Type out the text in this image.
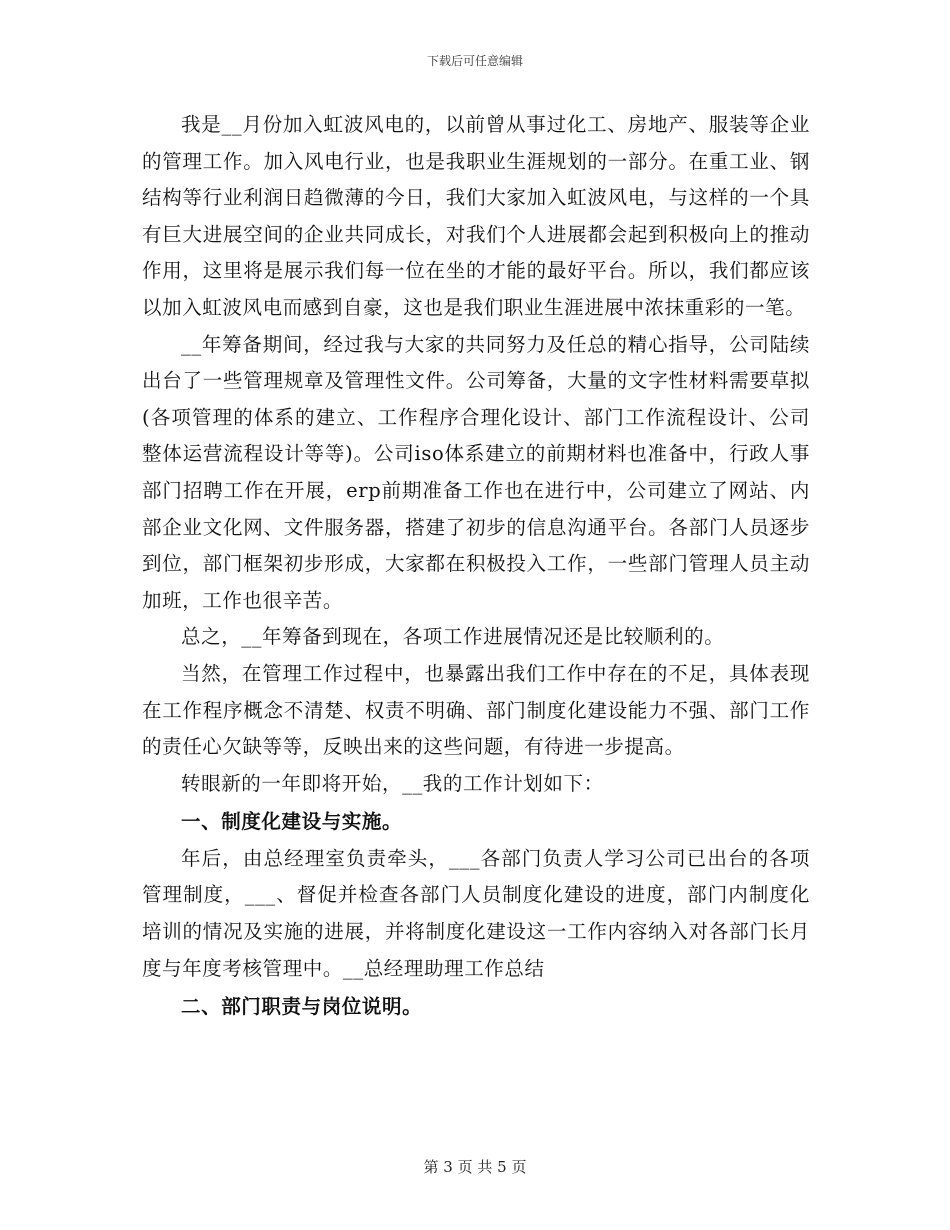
下载后可任意编辑

我是__月份加入虹波风电的，以前曾从事过化工、房地产、服装等企业的管理工作。加入风电行业，也是我职业生涯规划的一部分。在重工业、钢结构等行业利润日趋微薄的今日，我们大家加入虹波风电，与这样的一个具有巨大进展空间的企业共同成长，对我们个人进展都会起到积极向上的推动作用，这里将是展示我们每一位在坐的才能的最好平台。所以，我们都应该以加入虹波风电而感到自豪，这也是我们职业生涯进展中浓抹重彩的一笔。

__年筹备期间，经过我与大家的共同努力及任总的精心指导，公司陆续出台了一些管理规章及管理性文件。公司筹备，大量的文字性材料需要草拟(各项管理的体系的建立、工作程序合理化设计、部门工作流程设计、公司整体运营流程设计等等)。公司iso体系建立的前期材料也准备中，行政人事部门招聘工作在开展，erp前期准备工作也在进行中，公司建立了网站、内部企业文化网、文件服务器，搭建了初步的信息沟通平台。各部门人员逐步到位，部门框架初步形成，大家都在积极投入工作，一些部门管理人员主动加班，工作也很辛苦。

总之，__年筹备到现在，各项工作进展情况还是比较顺利的。

当然，在管理工作过程中，也暴露出我们工作中存在的不足，具体表现在工作程序概念不清楚、权责不明确、部门制度化建设能力不强、部门工作的责任心欠缺等等，反映出来的这些问题，有待进一步提高。

转眼新的一年即将开始，__我的工作计划如下：

一、制度化建设与实施。

年后，由总经理室负责牵头，___各部门负责人学习公司已出台的各项管理制度，___、督促并检查各部门人员制度化建设的进度，部门内制度化培训的情况及实施的进展，并将制度化建设这一工作内容纳入对各部门长月度与年度考核管理中。__总经理助理工作总结

二、部门职责与岗位说明。

第 3 页 共 5 页
